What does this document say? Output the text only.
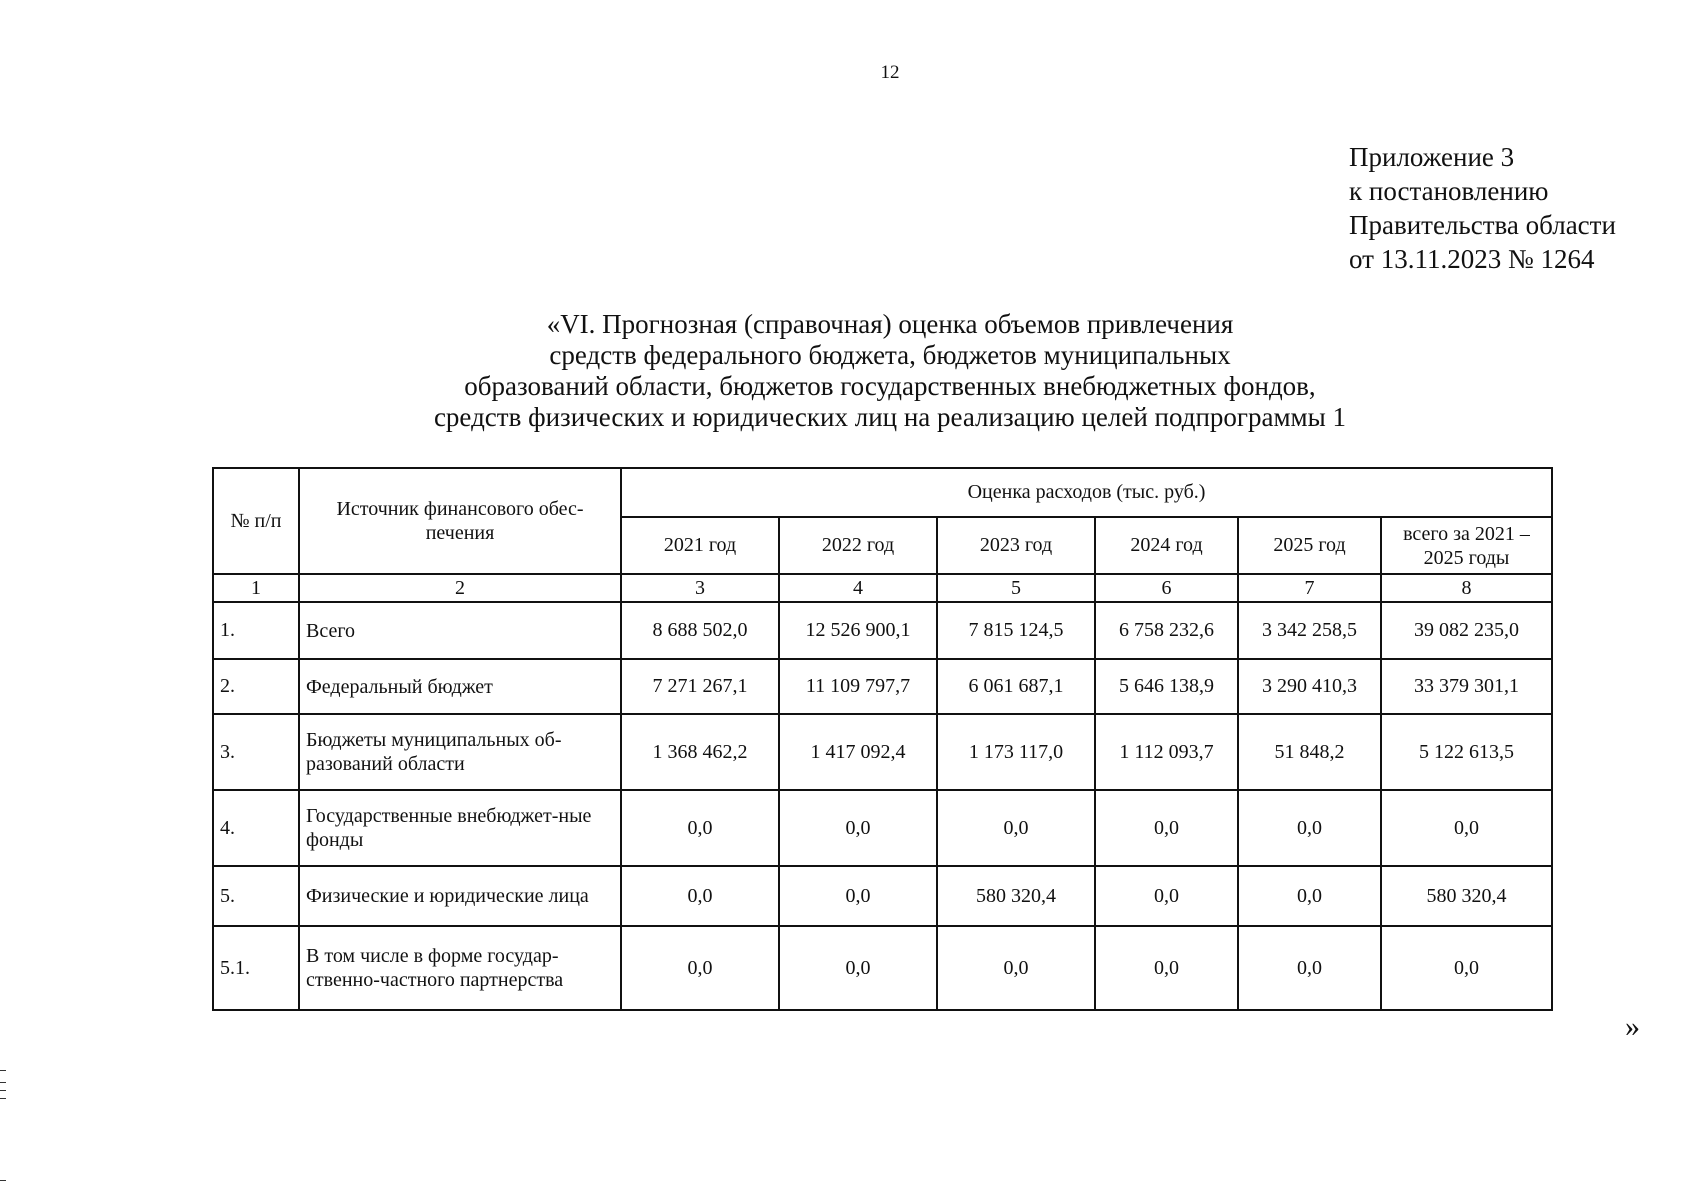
12
Приложение 3
к постановлению
Правительства области
от 13.11.2023 № 1264
«VI. Прогнозная (справочная) оценка объемов привлечения
средств федерального бюджета, бюджетов муниципальных
образований области, бюджетов государственных внебюджетных фондов,
средств физических и юридических лиц на реализацию целей подпрограммы 1
№ п/п	Источник финансового обес-печения	Оценка расходов (тыс. руб.)					
		2021 год	2022 год	2023 год	2024 год	2025 год	всего за 2021 – 2025 годы
1	2	3	4	5	6	7	8
1.	Всего	8 688 502,0	12 526 900,1	7 815 124,5	6 758 232,6	3 342 258,5	39 082 235,0
2.	Федеральный бюджет	7 271 267,1	11 109 797,7	6 061 687,1	5 646 138,9	3 290 410,3	33 379 301,1
3.	Бюджеты муниципальных об-разований области	1 368 462,2	1 417 092,4	1 173 117,0	1 112 093,7	51 848,2	5 122 613,5
4.	Государственные внебюджет-ные фонды	0,0	0,0	0,0	0,0	0,0	0,0
5.	Физические и юридические лица	0,0	0,0	580 320,4	0,0	0,0	580 320,4
5.1.	В том числе в форме государ-ственно-частного партнерства	0,0	0,0	0,0	0,0	0,0	0,0
»
